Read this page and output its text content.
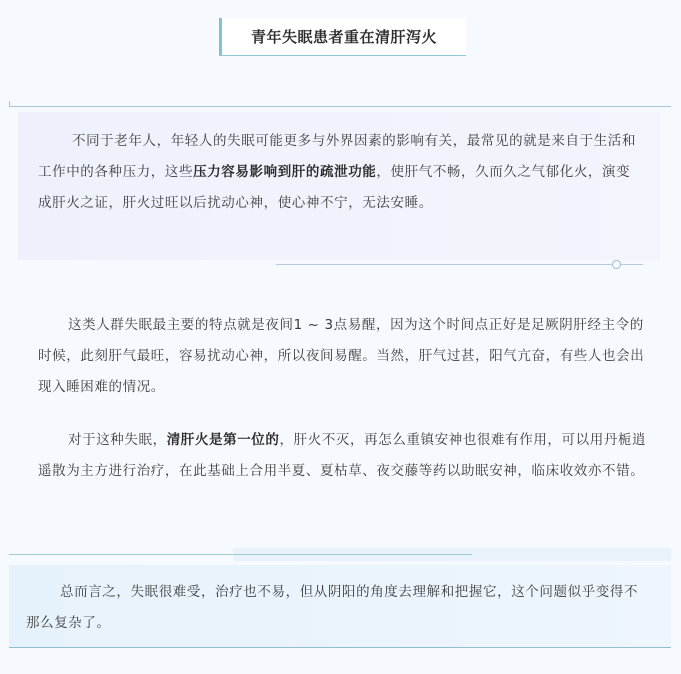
青年失眠患者重在清肝泻火
不同于老年人，年轻人的失眠可能更多与外界因素的影响有关，最常见的就是来自于生活和工作中的各种压力，这些压力容易影响到肝的疏泄功能，使肝气不畅，久而久之气郁化火，演变成肝火之证，肝火过旺以后扰动心神，使心神不宁，无法安睡。
这类人群失眠最主要的特点就是夜间1 ~ 3点易醒，因为这个时间点正好是足厥阴肝经主令的时候，此刻肝气最旺，容易扰动心神，所以夜间易醒。当然，肝气过甚，阳气亢奋，有些人也会出现入睡困难的情况。
对于这种失眠，清肝火是第一位的，肝火不灭，再怎么重镇安神也很难有作用，可以用丹栀逍遥散为主方进行治疗，在此基础上合用半夏、夏枯草、夜交藤等药以助眠安神，临床收效亦不错。
总而言之，失眠很难受，治疗也不易，但从阴阳的角度去理解和把握它，这个问题似乎变得不那么复杂了。
